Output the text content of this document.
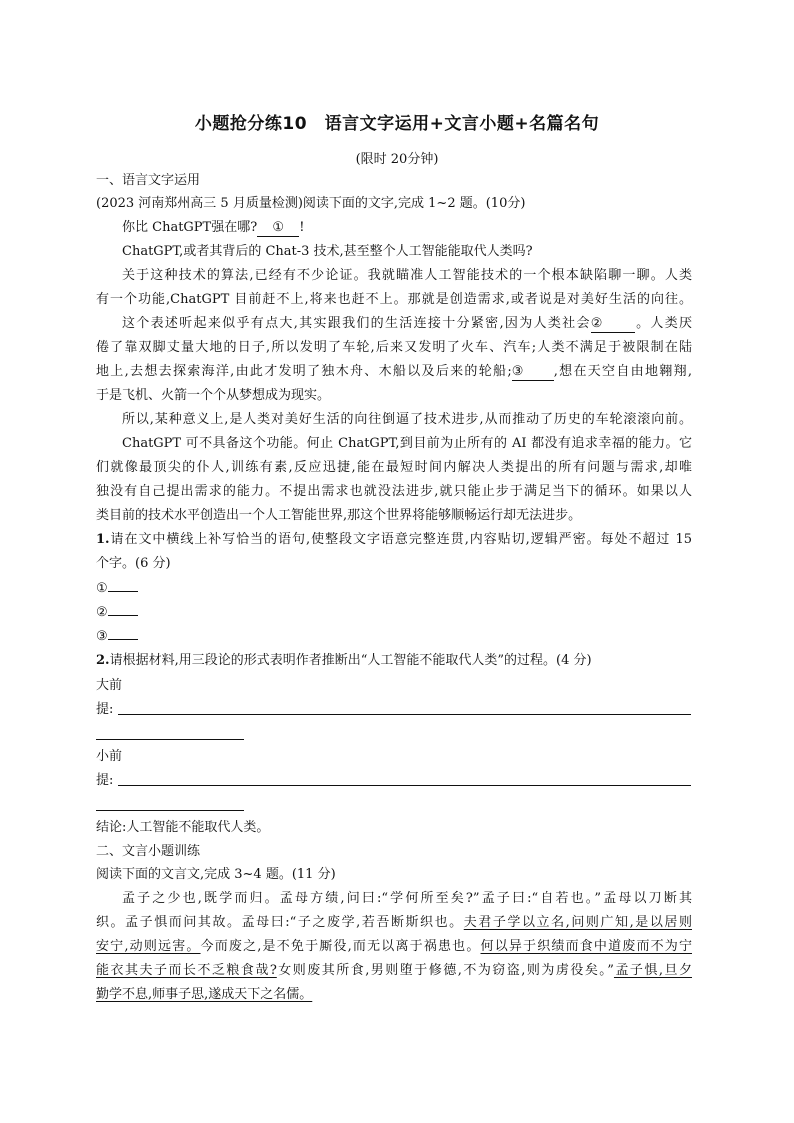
小题抢分练10　语言文字运用+文言小题+名篇名句
(限时 20分钟)
一、语言文字运用
(2023 河南郑州高三 5 月质量检测)阅读下面的文字,完成 1~2 题。(10分)
你比 ChatGPT强在哪? ① !
ChatGPT,或者其背后的 Chat-3 技术,甚至整个人工智能能取代人类吗?
关于这种技术的算法,已经有不少论证。我就瞄准人工智能技术的一个根本缺陷聊一聊。人类
有一个功能,ChatGPT 目前赶不上,将来也赶不上。那就是创造需求,或者说是对美好生活的向往。
这个表述听起来似乎有点大,其实跟我们的生活连接十分紧密,因为人类社会② 。人类厌
倦了靠双脚丈量大地的日子,所以发明了车轮,后来又发明了火车、汽车;人类不满足于被限制在陆
地上,去想去探索海洋,由此才发明了独木舟、木船以及后来的轮船;③ ,想在天空自由地翱翔,
于是飞机、火箭一个个从梦想成为现实。
所以,某种意义上,是人类对美好生活的向往倒逼了技术进步,从而推动了历史的车轮滚滚向前。
ChatGPT 可不具备这个功能。何止 ChatGPT,到目前为止所有的 AI 都没有追求幸福的能力。它
们就像最顶尖的仆人,训练有素,反应迅捷,能在最短时间内解决人类提出的所有问题与需求,却唯
独没有自己提出需求的能力。不提出需求也就没法进步,就只能止步于满足当下的循环。如果以人
类目前的技术水平创造出一个人工智能世界,那这个世界将能够顺畅运行却无法进步。
1.请在文中横线上补写恰当的语句,使整段文字语意完整连贯,内容贴切,逻辑严密。每处不超过 15
个字。(6 分)
①
②
③
2.请根据材料,用三段论的形式表明作者推断出“人工智能不能取代人类”的过程。(4 分)
大前
提:
小前
提:
结论:人工智能不能取代人类。
二、文言小题训练
阅读下面的文言文,完成 3~4 题。(11 分)
孟子之少也,既学而归。孟母方绩,问曰:“学何所至矣?”孟子曰:“自若也。”孟母以刀断其
织。孟子惧而问其故。孟母曰:“子之废学,若吾断斯织也。夫君子学以立名,问则广知,是以居则
安宁,动则远害。今而废之,是不免于厮役,而无以离于祸患也。何以异于织绩而食中道废而不为宁
能衣其夫子而长不乏粮食哉?女则废其所食,男则堕于修德,不为窃盗,则为虏役矣。”孟子惧,旦夕
勤学不息,师事子思,遂成天下之名儒。
